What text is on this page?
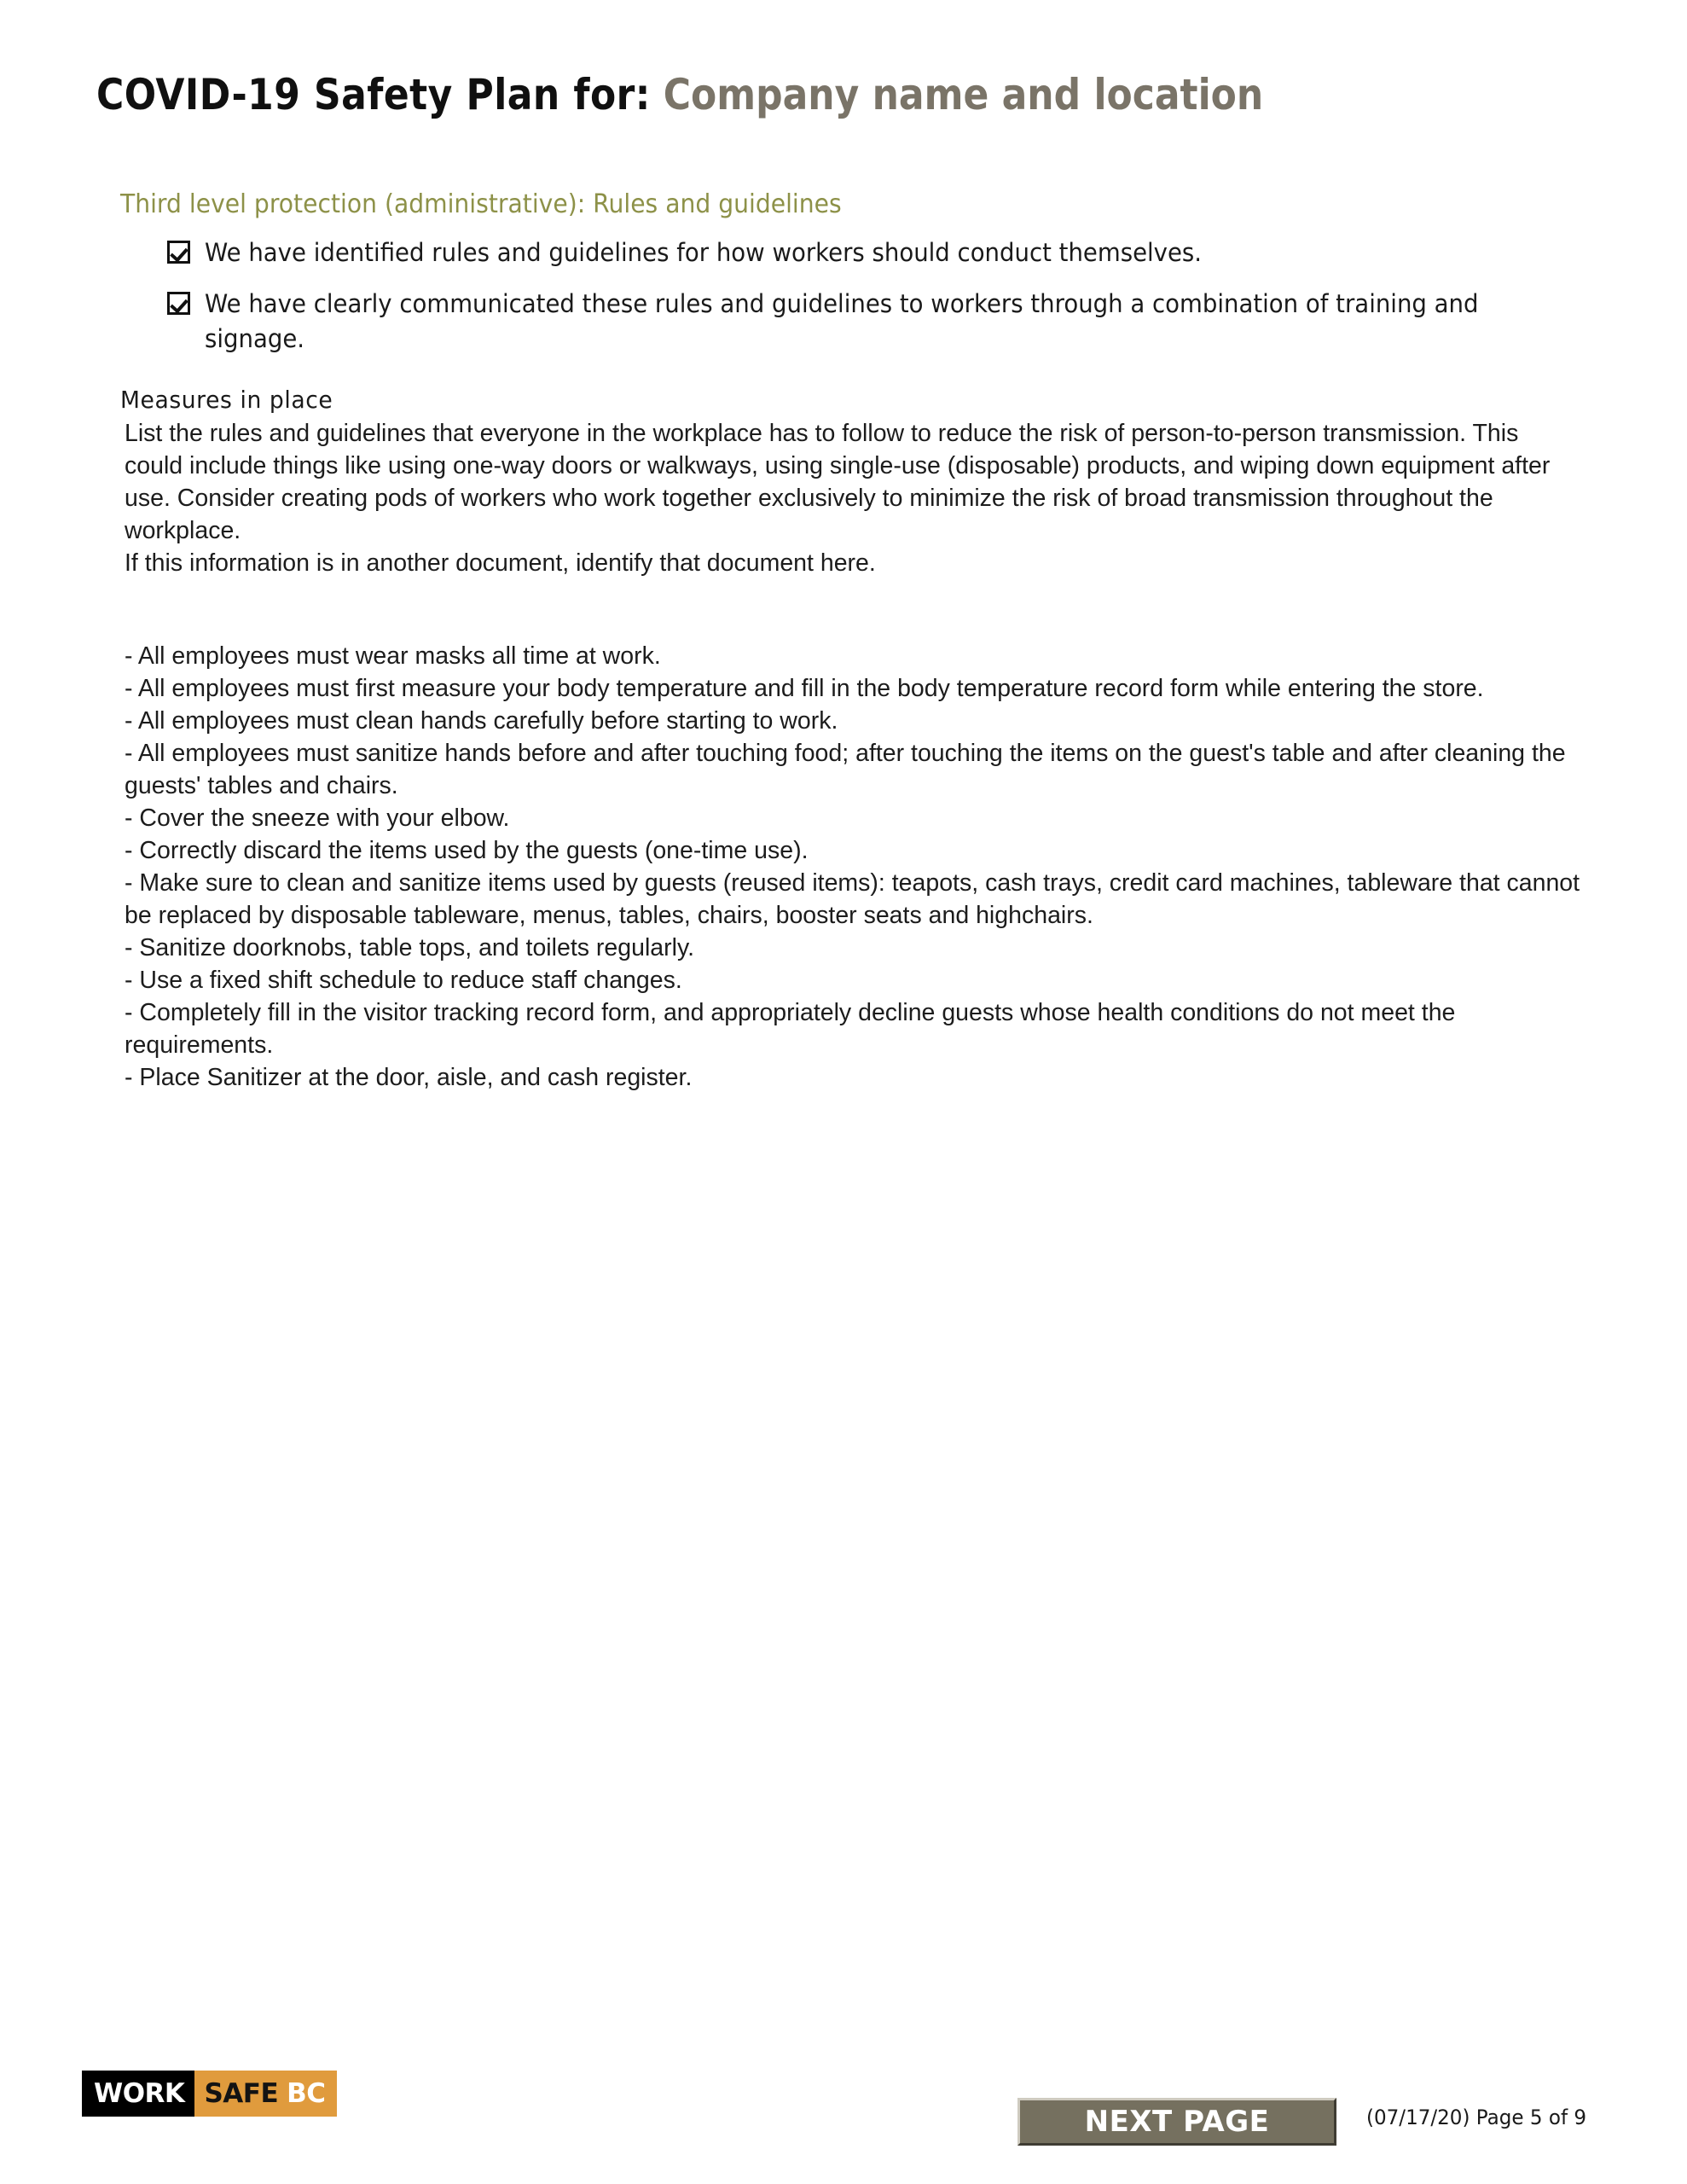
COVID-19 Safety Plan for: Company name and location
Third level protection (administrative): Rules and guidelines
We have identified rules and guidelines for how workers should conduct themselves.
We have clearly communicated these rules and guidelines to workers through a combination of training and signage.
Measures in place

List the rules and guidelines that everyone in the workplace has to follow to reduce the risk of person-to-person transmission. This could include things like using one-way doors or walkways, using single-use (disposable) products, and wiping down equipment after use. Consider creating pods of workers who work together exclusively to minimize the risk of broad transmission throughout the workplace.

If this information is in another document, identify that document here.

- All employees must wear masks all time at work.

- All employees must first measure your body temperature and fill in the body temperature record form while entering the store.

- All employees must clean hands carefully before starting to work.

- All employees must sanitize hands before and after touching food; after touching the items on the guest's table and after cleaning the guests' tables and chairs.

- Cover the sneeze with your elbow.

- Correctly discard the items used by the guests (one-time use).

- Make sure to clean and sanitize items used by guests (reused items): teapots, cash trays, credit card machines, tableware that cannot be replaced by disposable tableware, menus, tables, chairs, booster seats and highchairs.

- Sanitize doorknobs, table tops, and toilets regularly.

- Use a fixed shift schedule to reduce staff changes.

- Completely fill in the visitor tracking record form, and appropriately decline guests whose health conditions do not meet the requirements.

- Place Sanitizer at the door, aisle, and cash register.

WORK SAFE BC
NEXT PAGE	(07/17/20) Page 5 of 9
